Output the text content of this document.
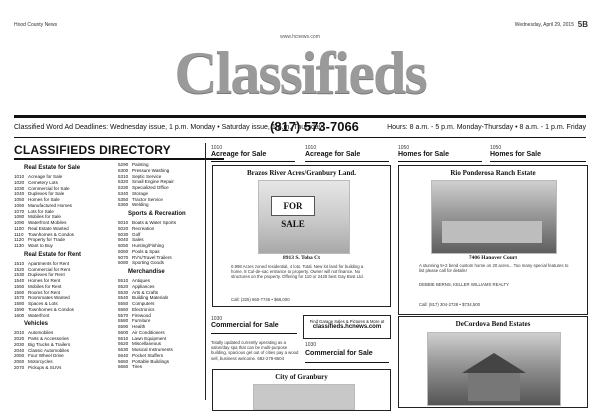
Hood County News	Wednesday, April 29, 2015 5B
www.hcnews.com
Classifieds
Classified Word Ad Deadlines: Wednesday issue, 1 p.m. Monday • Saturday issue, 1 p.m. Thursday
(817) 573-7066	Hours: 8 a.m. - 5 p.m. Monday-Thursday • 8 a.m. - 1 p.m. Friday
CLASSIFIEDS DIRECTORY
Real Estate for Sale
1010 Acreage for Sale
1020 Cemetery Lots
1030 Commercial for Sale
1040 Duplexes for Sale
1050 Homes for Sale
1060 Manufactured Homes
1070 Lots for Sale
1080 Mobiles for Sale
1090 Waterfront Mobiles
1100 Real Estate Wanted
1110 Townhomes & Condos
1120 Property for Trade
1130 Want to Buy
Real Estate for Rent
1510 Apartments for Rent
1520 Commercial for Rent
1530 Duplexes for Rent
1540 Homes for Rent
1550 Mobiles for Rent
1560 Rooms for Rent
1570 Roommates Wanted
1580 Spaces & Lots
1590 Townhomes & Condos
1600 Waterfront
Vehicles
2010 Automobiles
2020 Parts & Accessories
2030 Big Trucks & Trailers
2040 Classic Automobiles
2050 Four Wheel Drive
2060 Motorcycles
2070 Pickups & SUVs
5290 Painting
5300 Pressure Washing
5310 Septic Service
5320 Small Engine Repair
5330 Specialized Office
5340 Storage
5350 Tractor Service
5360 Welding
Sports & Recreation
5010 Boats & Water Sports
5020 Recreation
5030 Golf
5040 Sales
5050 Hunting/Fishing
5060 Pools & Spas
5070 RV's/Travel Trailers
5080 Sporting Goods
Merchandise
5510 Antiques
5520 Appliances
5530 Arts & Crafts
5540 Building Materials
5550 Computers
5560 Electronics
5570 Firewood
5580 Furniture
5590 Health
5600 Air Conditioners
5610 Lawn Equipment
5620 Miscellaneous
5630 Musical Instruments
5640 Pocket Stuffers
5650 Portable Buildings
5660 Tires
1010
Acreage for Sale
1010
Acreage for Sale
1050
Homes for Sale
1050
Homes for Sale
Brazos River Acres/Granbury Land.
FOR SALE
8913 S. Toba Ct
0.998 Acres zoned residential, 4 lots. Total. New lot land for building a home. 8 Cul-de-sac entrance to property. Owner will not finance. No structures on the property. Offering for 110 or 2425 best Gay Bost Ltd.
Call: (325) 660-7746 • $66,000
Rio Ponderosa Ranch Estate
7406 Hanover Court
A stunning 5+2 bend custom home on 20 acres... Too many special features to list please call for details!
DEBBIE BERNS, KELLER WILLIAMS REALTY
Call: (817) 304-2728 • $734,500
1030
Commercial for Sale
Totally updated currently operating as a salon/day spa that can be multi-purpose building, spacious get out of cities pay a wood sell, business welcome. 682-279-6504
Find Garage Sales & Pictures & More at
classifieds.hcnews.com
1030
Commercial for Sale
City of Granbury
DeCordova Bend Estates
